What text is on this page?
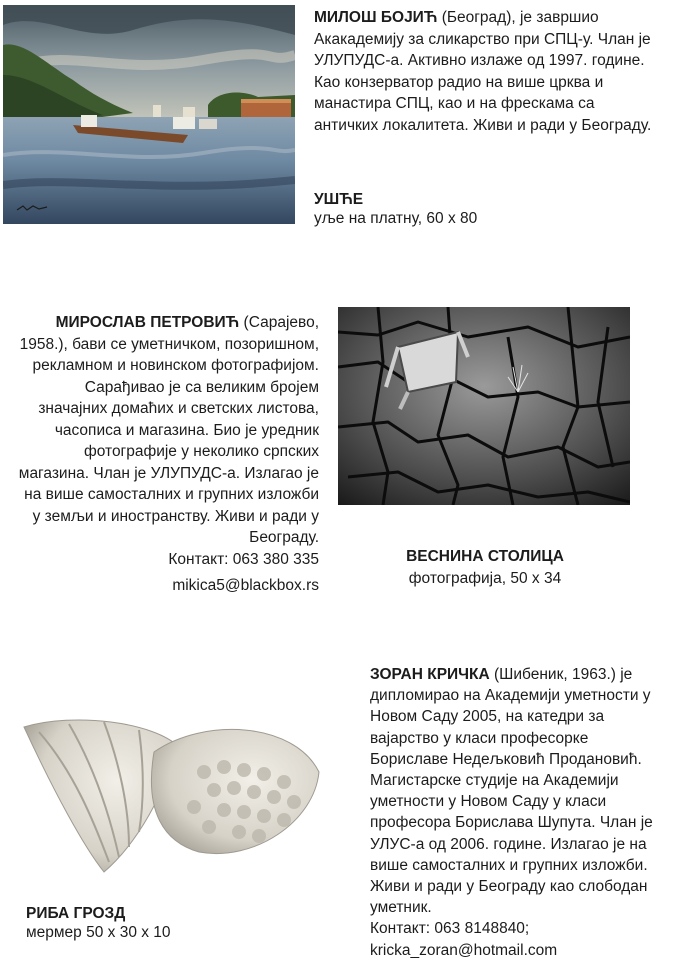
МИЛОШ БОЈИЋ (Београд), је завршио Акакадемију за сликарство при СПЦ-у. Члан је УЛУПУДС-а. Активно излаже од 1997. године. Као конзерватор радио на више црква и манастира СПЦ, као и на фрескама са античких локалитета. Живи и ради у Београду.
УШЋЕ
уље на платну, 60 x 80
МИРОСЛАВ ПЕТРОВИЋ (Сарајево, 1958.), бави се уметничком, позоришном, рекламном и новинском фотографијом. Сарађивао је са великим бројем значајних домаћих и светских листова, часописа и магазина. Био је уредник фотографије у неколико српских магазина. Члан је УЛУПУДС-а. Излагао је на више самосталних и групних изложби у земљи и иностранству. Живи и ради у Београду.
Контакт: 063 380 335
mikica5@blackbox.rs
ВЕСНИНА СТОЛИЦА
фотографија, 50 x 34
РИБА ГРОЗД
мермер 50 x 30 x 10

ЗОРАН КРИЧКА (Шибеник, 1963.) је дипломирао на Академији уметности у Новом Саду 2005, на катедри за вајарство у класи професорке Бориславе Недељковић Продановић. Магистарске студије на Академији уметности у Новом Саду у класи професора Борислава Шупута. Члан је УЛУС-а од 2006. године. Излагао је на више самосталних и групних изложби. Живи и ради у Београду као слободан уметник.

Контакт: 063 8148840;

kricka_zoran@hotmail.com
